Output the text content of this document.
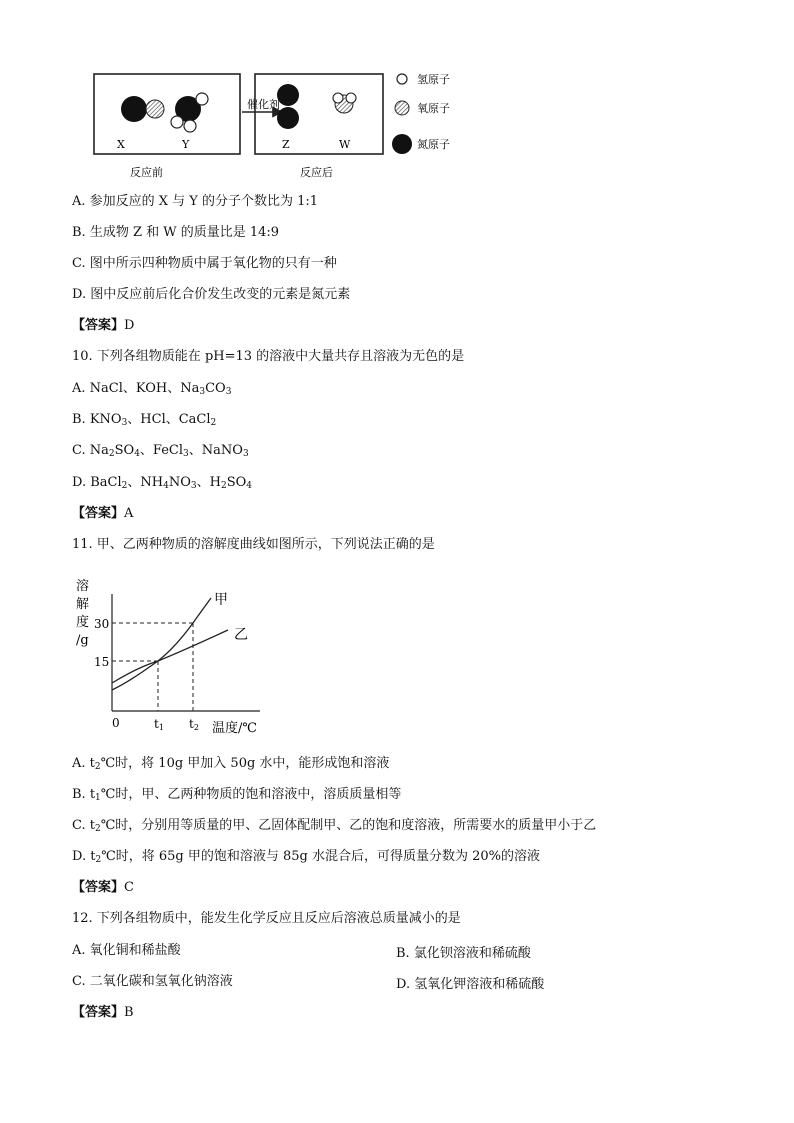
X	Y
催化剂
Z	W
反应前	反应后
氢原子
氧原子
氮原子
A. 参加反应的 X 与 Y 的分子个数比为 1:1
B. 生成物 Z 和 W 的质量比是 14:9
C. 图中所示四种物质中属于氧化物的只有一种
D. 图中反应前后化合价发生改变的元素是氮元素
【答案】D
10. 下列各组物质能在 pH=13 的溶液中大量共存且溶液为无色的是
A. NaCl、KOH、$Na_3CO_3$
B. $KNO_3$、HCl、CaCl$_2$
C. $Na_2SO_4$、FeCl$_3$、NaNO$_3$
D. BaCl$_2$、$NH_4NO_3$、$H_2SO_4$
【答案】A
11. 甲、乙两种物质的溶解度曲线如图所示，下列说法正确的是
溶
解
度
/g
30
15
0	t1 t2 温度/℃
甲
乙
A. $t_2℃$时，将 10g 甲加入 50g 水中，能形成饱和溶液
B. $t_1℃$时，甲、乙两种物质的饱和溶液中，溶质质量相等
C. $t_2℃$时，分别用等质量的甲、乙固体配制甲、乙的饱和度溶液，所需要水的质量甲小于乙
D. $t_2℃$时，将 65g 甲的饱和溶液与 85g 水混合后，可得质量分数为 20%的溶液
【答案】C
12. 下列各组物质中，能发生化学反应且反应后溶液总质量减小的是
A. 氧化铜和稀盐酸	B. 氯化钡溶液和稀硫酸
C. 二氧化碳和氢氧化钠溶液	D. 氢氧化钾溶液和稀硫酸
【答案】B
